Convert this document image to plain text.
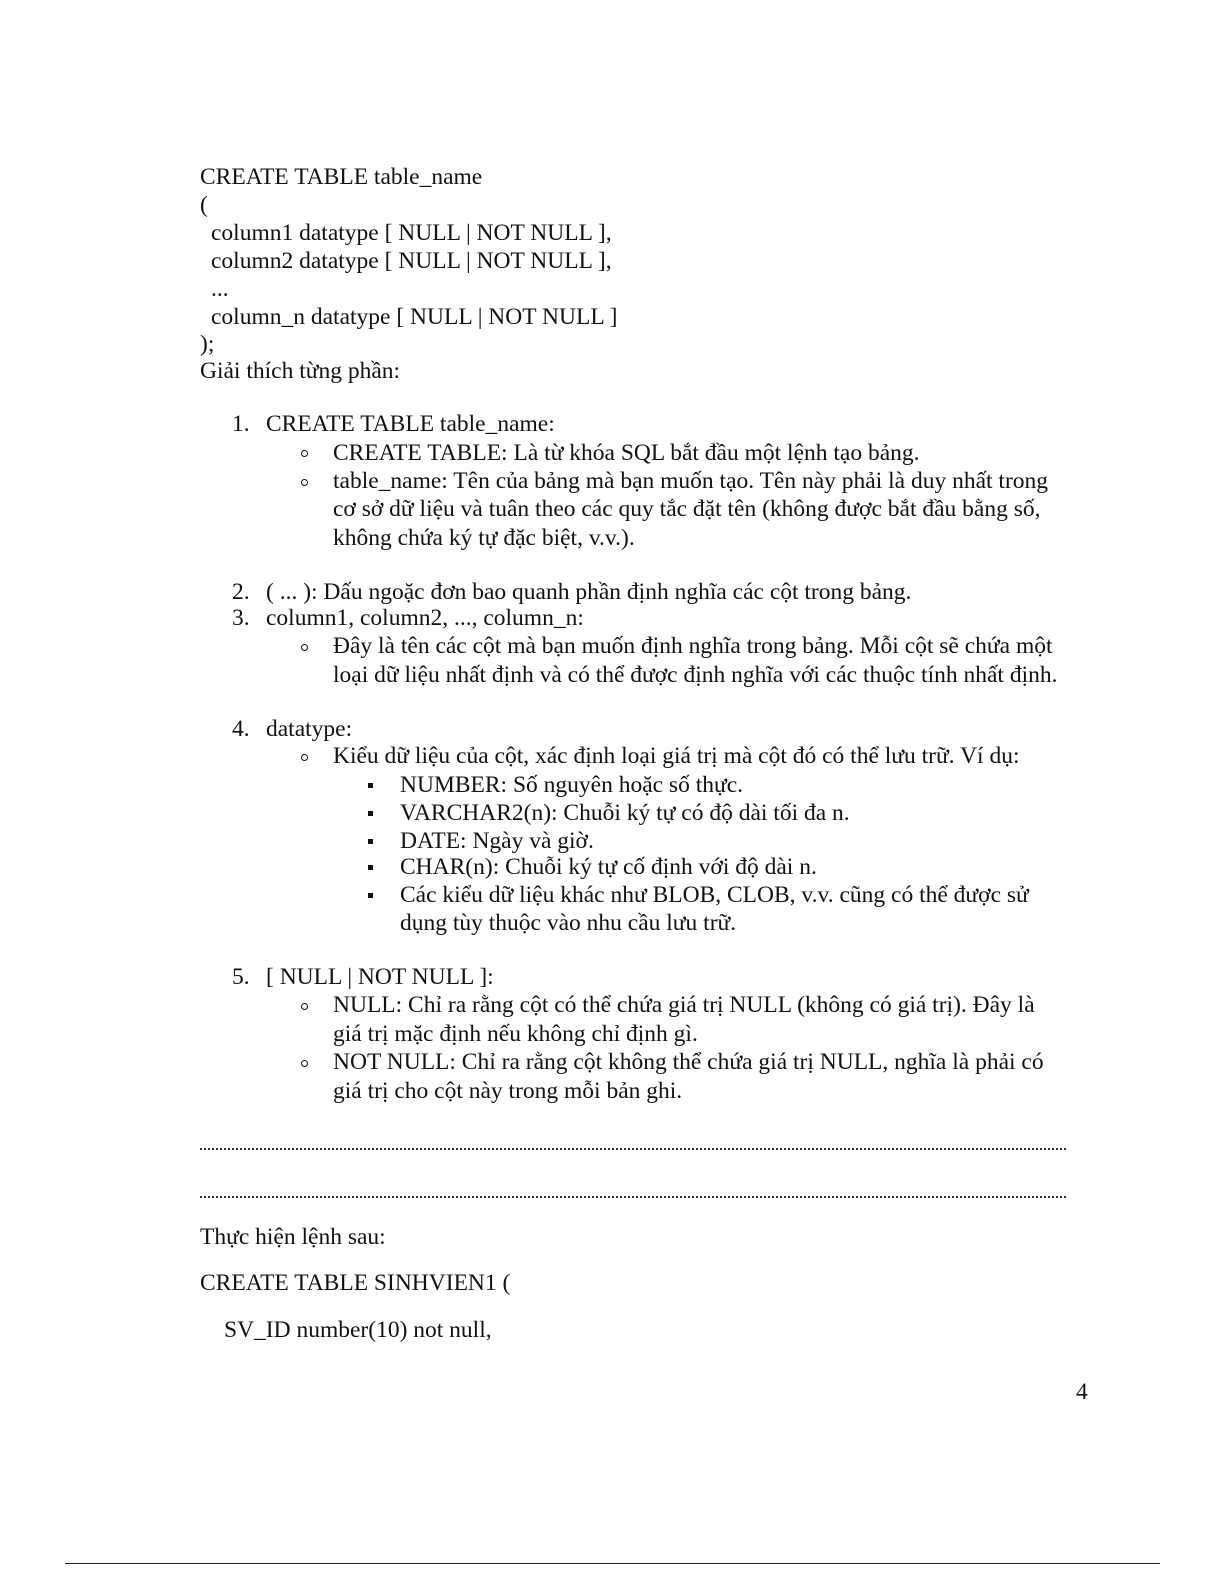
CREATE TABLE table_name
(
column1 datatype [ NULL | NOT NULL ],
column2 datatype [ NULL | NOT NULL ],
...
column_n datatype [ NULL | NOT NULL ]
);
Giải thích từng phần:
1. CREATE TABLE table_name:
CREATE TABLE: Là từ khóa SQL bắt đầu một lệnh tạo bảng.
table_name: Tên của bảng mà bạn muốn tạo. Tên này phải là duy nhất trong
cơ sở dữ liệu và tuân theo các quy tắc đặt tên (không được bắt đầu bằng số,
không chứa ký tự đặc biệt, v.v.).
2. ( ... ): Dấu ngoặc đơn bao quanh phần định nghĩa các cột trong bảng.
3. column1, column2, ..., column_n:
Đây là tên các cột mà bạn muốn định nghĩa trong bảng. Mỗi cột sẽ chứa một
loại dữ liệu nhất định và có thể được định nghĩa với các thuộc tính nhất định.
4. datatype:
Kiểu dữ liệu của cột, xác định loại giá trị mà cột đó có thể lưu trữ. Ví dụ:
NUMBER: Số nguyên hoặc số thực.
VARCHAR2(n): Chuỗi ký tự có độ dài tối đa n.
DATE: Ngày và giờ.
CHAR(n): Chuỗi ký tự cố định với độ dài n.
Các kiểu dữ liệu khác như BLOB, CLOB, v.v. cũng có thể được sử
dụng tùy thuộc vào nhu cầu lưu trữ.
5. [ NULL | NOT NULL ]:
NULL: Chỉ ra rằng cột có thể chứa giá trị NULL (không có giá trị). Đây là
giá trị mặc định nếu không chỉ định gì.
NOT NULL: Chỉ ra rằng cột không thể chứa giá trị NULL, nghĩa là phải có
giá trị cho cột này trong mỗi bản ghi.
Thực hiện lệnh sau:
CREATE TABLE SINHVIEN1 (
SV_ID number(10) not null,
4
